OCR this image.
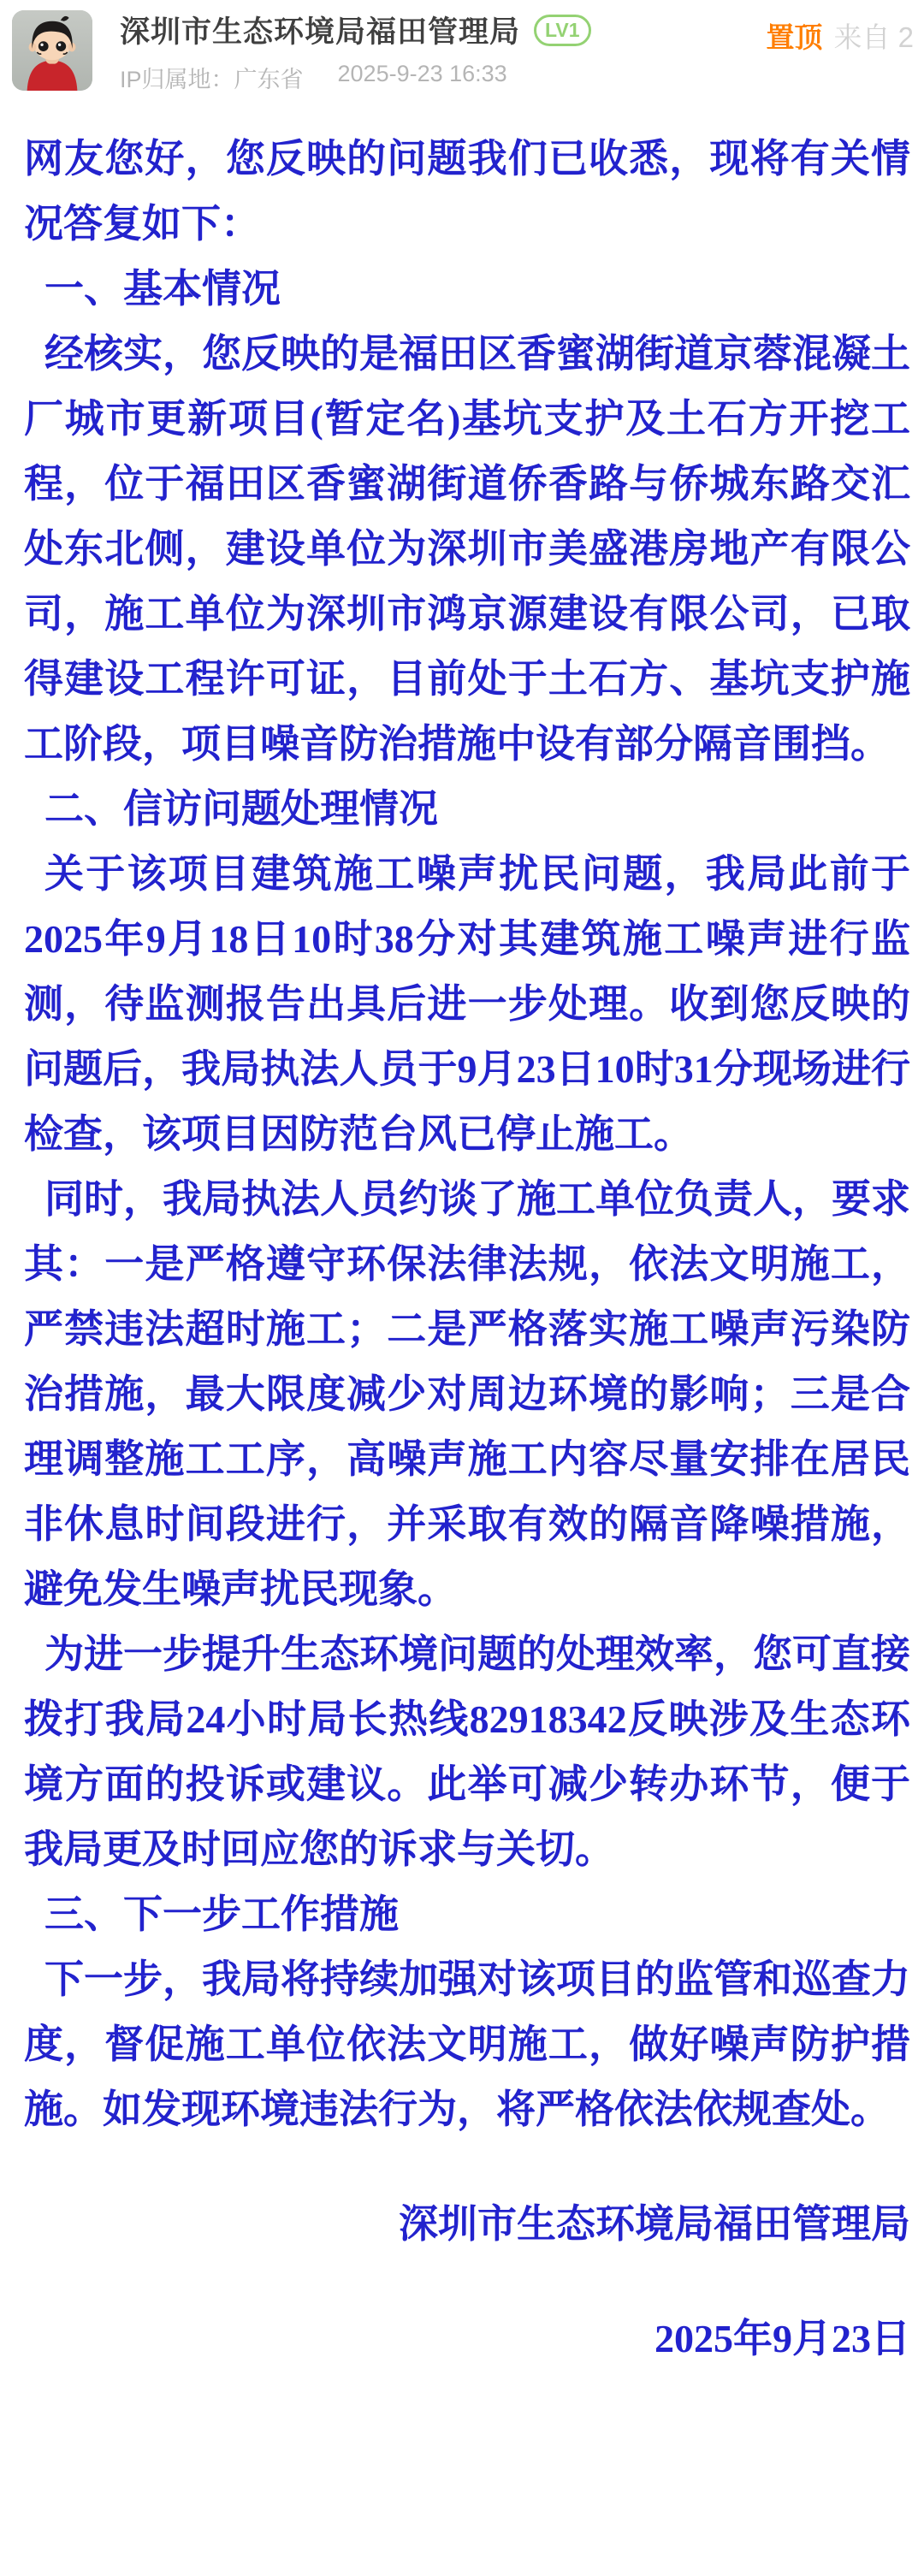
深圳市生态环境局福田管理局	LV1
IP归属地：广东省 2025-9-23 16:33
置顶 来自 2

网友您好，您反映的问题我们已收悉，现将有关情况答复如下：

一、基本情况

经核实，您反映的是福田区香蜜湖街道京蓉混凝土厂城市更新项目(暂定名)基坑支护及土石方开挖工程，位于福田区香蜜湖街道侨香路与侨城东路交汇处东北侧，建设单位为深圳市美盛港房地产有限公司，施工单位为深圳市鸿京源建设有限公司，已取得建设工程许可证，目前处于土石方、基坑支护施工阶段，项目噪音防治措施中设有部分隔音围挡。

二、信访问题处理情况

关于该项目建筑施工噪声扰民问题，我局此前于2025年9月18日10时38分对其建筑施工噪声进行监测，待监测报告出具后进一步处理。收到您反映的问题后，我局执法人员于9月23日10时31分现场进行检查，该项目因防范台风已停止施工。

同时，我局执法人员约谈了施工单位负责人，要求其：一是严格遵守环保法律法规，依法文明施工，严禁违法超时施工；二是严格落实施工噪声污染防治措施，最大限度减少对周边环境的影响；三是合理调整施工工序，高噪声施工内容尽量安排在居民非休息时间段进行，并采取有效的隔音降噪措施，避免发生噪声扰民现象。

为进一步提升生态环境问题的处理效率，您可直接拨打我局24小时局长热线82918342反映涉及生态环境方面的投诉或建议。此举可减少转办环节，便于我局更及时回应您的诉求与关切。

三、下一步工作措施

下一步，我局将持续加强对该项目的监管和巡查力度，督促施工单位依法文明施工，做好噪声防护措施。如发现环境违法行为，将严格依法依规查处。

深圳市生态环境局福田管理局

2025年9月23日
